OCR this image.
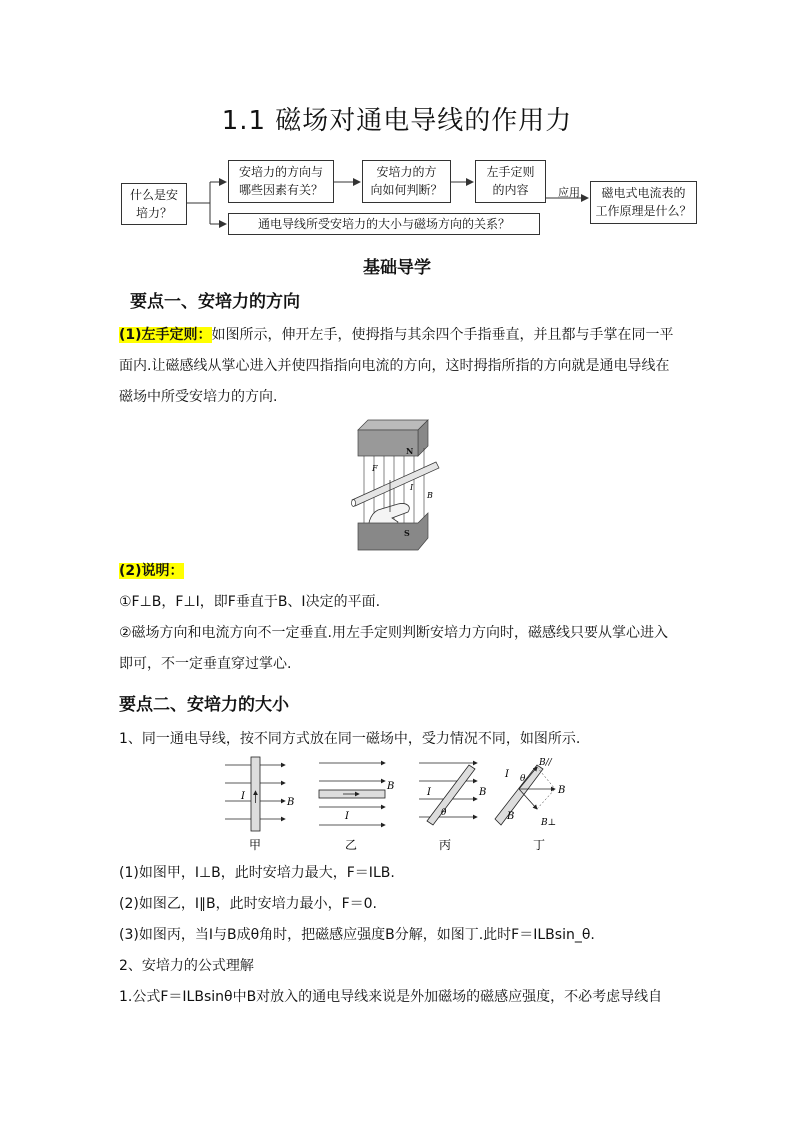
1.1 磁场对通电导线的作用力
什么是安
培力？
安培力的方向与
哪些因素有关？
安培力的方
向如何判断？
左手定则
的内容	应用	磁电式电流表的
工作原理是什么？
通电导线所受安培力的大小与磁场方向的关系？
基础导学
要点一、安培力的方向
(1)左手定则：如图所示，伸开左手，使拇指与其余四个手指垂直，并且都与手掌在同一平
面内.让磁感线从掌心进入并使四指指向电流的方向，这时拇指所指的方向就是通电导线在
磁场中所受安培力的方向.
N
S
F
I
B
(2)说明：
①F⊥B，F⊥I，即F垂直于B、I决定的平面.
②磁场方向和电流方向不一定垂直.用左手定则判断安培力方向时，磁感线只要从掌心进入
即可，不一定垂直穿过掌心.
要点二、安培力的大小
1、同一通电导线，按不同方式放在同一磁场中，受力情况不同，如图所示.
I
B
甲
I
B
乙
I
θ
B
丙
I θ
B//
B
B
B⊥
丁
(1)如图甲，I⊥B，此时安培力最大，F＝ILB.
(2)如图乙，I∥B，此时安培力最小，F＝0.
(3)如图丙，当I与B成θ角时，把磁感应强度B分解，如图丁.此时F＝ILBsin_θ.
2、安培力的公式理解
1.公式F＝ILBsinθ中B对放入的通电导线来说是外加磁场的磁感应强度，不必考虑导线自
